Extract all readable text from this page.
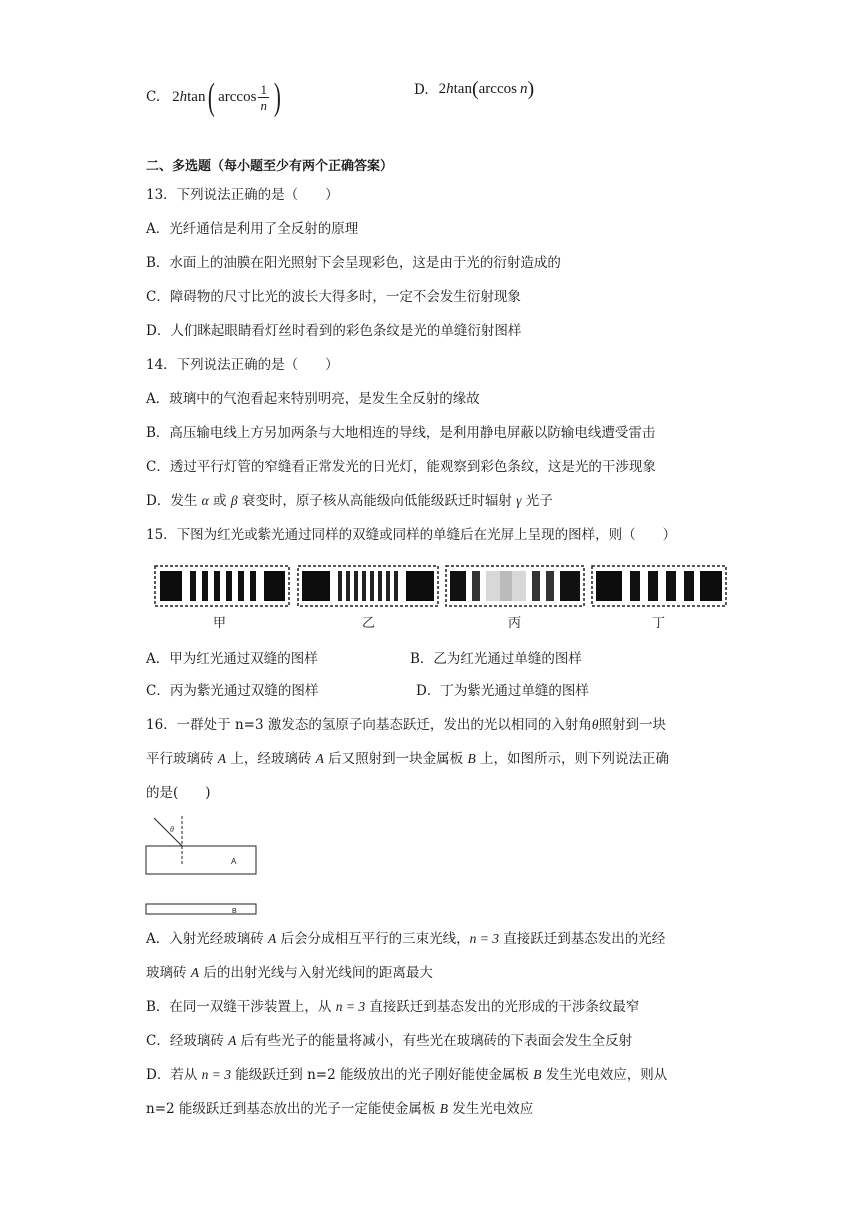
C. 2 h tan ( $\arccos \frac{1}{n}$ )	D. 2 h tan ( arccos n )
二、多选题（每小题至少有两个正确答案）
13．下列说法正确的是（　　）
A．光纤通信是利用了全反射的原理
B．水面上的油膜在阳光照射下会呈现彩色，这是由于光的衍射造成的
C．障碍物的尺寸比光的波长大得多时，一定不会发生衍射现象
D．人们眯起眼睛看灯丝时看到的彩色条纹是光的单缝衍射图样
14．下列说法正确的是（　　）
A．玻璃中的气泡看起来特别明亮，是发生全反射的缘故
B．高压输电线上方另加两条与大地相连的导线，是利用静电屏蔽以防输电线遭受雷击
C．透过平行灯管的窄缝看正常发光的日光灯，能观察到彩色条纹，这是光的干涉现象
D．发生 α 或 β 衰变时，原子核从高能级向低能级跃迁时辐射 γ 光子
15．下图为红光或紫光通过同样的双缝或同样的单缝后在光屏上呈现的图样，则（　　）
甲	乙	丙	丁
A．甲为红光通过双缝的图样	B．乙为红光通过单缝的图样
C．丙为紫光通过双缝的图样	D．丁为紫光通过单缝的图样
16．一群处于 n=3 激发态的氢原子向基态跃迁，发出的光以相同的入射角θ照射到一块
平行玻璃砖 A 上，经玻璃砖 A 后又照射到一块金属板 B 上，如图所示，则下列说法正确
的是(　　)
θ
A
B
A．入射光经玻璃砖 A 后会分成相互平行的三束光线，n = 3 直接跃迁到基态发出的光经
玻璃砖 A 后的出射光线与入射光线间的距离最大
B．在同一双缝干涉装置上，从 n = 3 直接跃迁到基态发出的光形成的干涉条纹最窄
C．经玻璃砖 A 后有些光子的能量将减小，有些光在玻璃砖的下表面会发生全反射
D．若从 n = 3 能级跃迁到 n=2 能级放出的光子刚好能使金属板 B 发生光电效应，则从
n=2 能级跃迁到基态放出的光子一定能使金属板 B 发生光电效应
